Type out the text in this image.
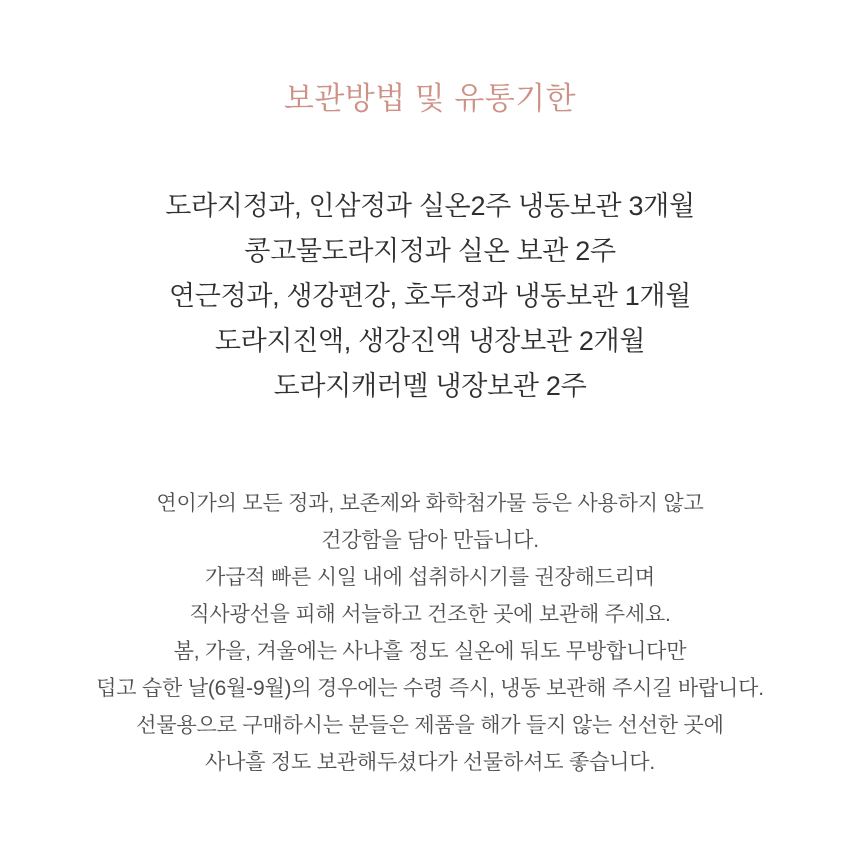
보관방법 및 유통기한

도라지정과, 인삼정과 실온2주 냉동보관 3개월

콩고물도라지정과 실온 보관 2주

연근정과, 생강편강, 호두정과 냉동보관 1개월

도라지진액, 생강진액 냉장보관 2개월

도라지캐러멜 냉장보관 2주

연이가의 모든 정과, 보존제와 화학첨가물 등은 사용하지 않고

건강함을 담아 만듭니다.

가급적 빠른 시일 내에 섭취하시기를 권장해드리며

직사광선을 피해 서늘하고 건조한 곳에 보관해 주세요.

봄, 가을, 겨울에는 사나흘 정도 실온에 둬도 무방합니다만

덥고 습한 날(6월-9월)의 경우에는 수령 즉시, 냉동 보관해 주시길 바랍니다.

선물용으로 구매하시는 분들은 제품을 해가 들지 않는 선선한 곳에

사나흘 정도 보관해두셨다가 선물하셔도 좋습니다.
